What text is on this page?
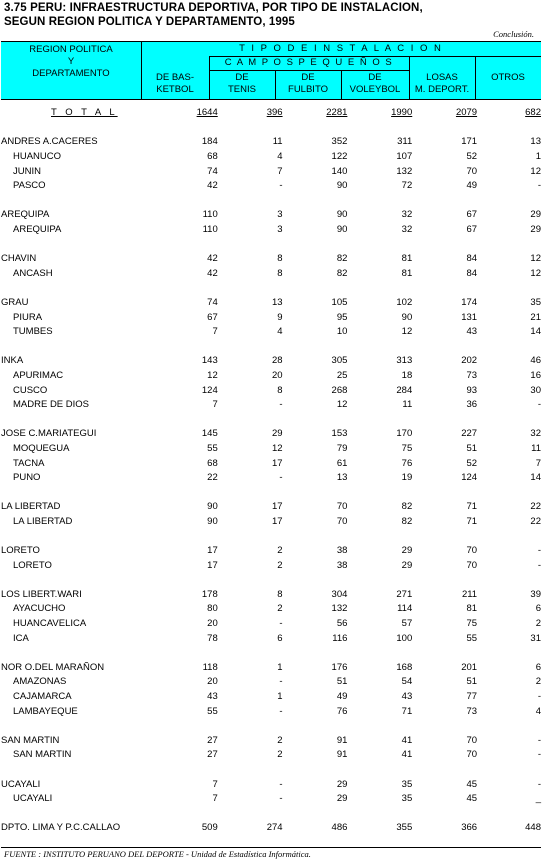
3.75 PERU: INFRAESTRUCTURA DEPORTIVA, POR TIPO DE INSTALACION,
SEGUN REGION POLITICA Y DEPARTAMENTO, 1995
Conclusión.
REGION POLITICA
Y
DEPARTAMENTO
T I P O D E I N S T A L A C I O N
C A M P O S P E Q U E Ñ O S
DE BAS-
KETBOL
DE
TENIS
DE
FULBITO
DE
VOLEYBOL
LOSAS
M. DEPORT.
OTROS
T O T A L	1644	396	2281	1990	2079	682

ANDRES A.CACERES	184	11	352	311	171	13
HUANUCO	68	4	122	107	52	1
JUNIN	74	7	140	132	70	12
PASCO	42	-	90	72	49	-

AREQUIPA	110	3	90	32	67	29
AREQUIPA	110	3	90	32	67	29

CHAVIN	42	8	82	81	84	12
ANCASH	42	8	82	81	84	12

GRAU	74	13	105	102	174	35
PIURA	67	9	95	90	131	21
TUMBES	7	4	10	12	43	14

INKA	143	28	305	313	202	46
APURIMAC	12	20	25	18	73	16
CUSCO	124	8	268	284	93	30
MADRE DE DIOS	7	-	12	11	36	-

JOSE C.MARIATEGUI	145	29	153	170	227	32
MOQUEGUA	55	12	79	75	51	11
TACNA	68	17	61	76	52	7
PUNO	22	-	13	19	124	14

LA LIBERTAD	90	17	70	82	71	22
LA LIBERTAD	90	17	70	82	71	22

LORETO	17	2	38	29	70	-
LORETO	17	2	38	29	70	-

LOS LIBERT.WARI	178	8	304	271	211	39
AYACUCHO	80	2	132	114	81	6
HUANCAVELICA	20	-	56	57	75	2
ICA	78	6	116	100	55	31

NOR O.DEL MARAÑON	118	1	176	168	201	6
AMAZONAS	20	-	51	54	51	2
CAJAMARCA	43	1	49	43	77	-
LAMBAYEQUE	55	-	76	71	73	4

SAN MARTIN	27	2	91	41	70	-
SAN MARTIN	27	2	91	41	70	-

UCAYALI	7	-	29	35	45	-
UCAYALI	7	-	29	35	45	_

DPTO. LIMA Y P.C.CALLAO	509	274	486	355	366	448
FUENTE : INSTITUTO PERUANO DEL DEPORTE - Unidad de Estadística Informática.
